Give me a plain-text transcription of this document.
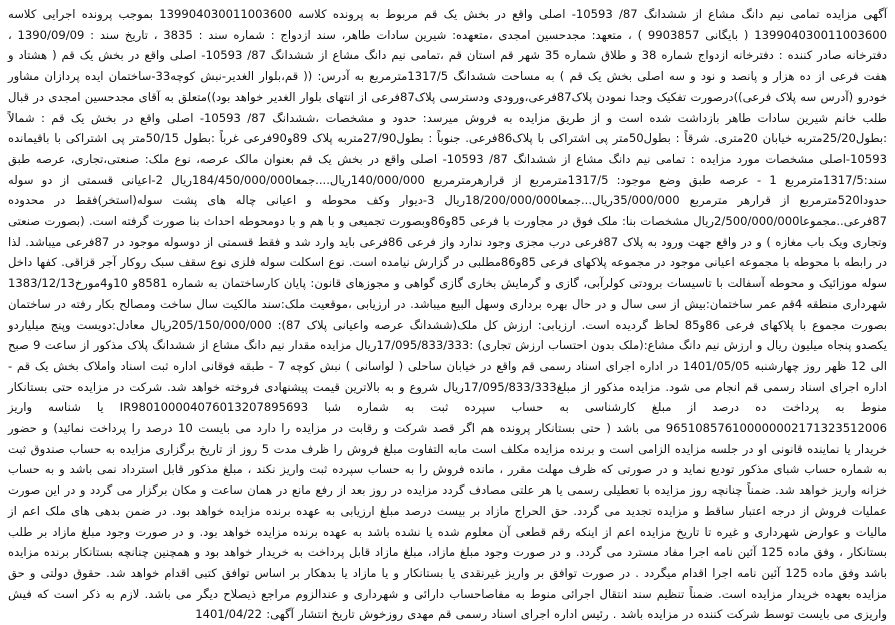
آگهی مزایده تمامی نیم دانگ مشاع از ششدانگ 87/ 10593- اصلی واقع در بخش یک قم مربوط به پرونده کلاسه 139904030011003600 بموجب پرونده اجرایی کلاسه 139904030011003600 ( بایگانی 9903857 ) ، متعهد: مجدحسین امجدی ،متعهده: شیرین سادات طاهر، سند ازدواج : شماره سند : 3835 ، تاریخ سند : 1390/09/09 ، دفترخانه صادر کننده : دفترخانه ازدواج شماره 38 و طلاق شماره 35 شهر قم استان قم ،تمامی نیم دانگ مشاع از ششدانگ 87/ 10593- اصلی واقع در بخش یک قم ( هشتاد و هفت فرعی از ده هزار و پانصد و نود و سه اصلی بخش یک قم ) به مساحت ششدانگ 1317/5مترمربع به آدرس: (( قم،بلوار الغدیر-نبش کوچه33-ساختمان ایده پردازان مشاور خودرو (آدرس سه پلاک فرعی))درصورت تفکیک وجدا نمودن پلاک87فرعی،ورودی ودسترسی پلاک87فرعی از انتهای بلوار الغدیر خواهد بود))متعلق به آقای مجدحسین امجدی در قبال طلب خانم شیرین سادات طاهر بازداشت شده است و از طریق مزایده به فروش میرسد: حدود و مشخصات ،ششدانگ 87/ 10593- اصلی واقع در بخش یک قم : شمالاً :بطول25/20متربه خیابان 20متری. شرقاً : بطول50متر پی اشتراکی با پلاک86فرعی. جنوباً : بطول27/90متربه پلاک 89و90فرعی غرباً :بطول 50/15متر پی اشتراکی با باقیمانده 10593-اصلی مشخصات مورد مزایده : تمامی نیم دانگ مشاع از ششدانگ 87/ 10593- اصلی واقع در بخش یک قم بعنوان مالک عرصه، نوع ملک: صنعتی،تجاری، عرصه طبق سند:1317/5مترمربع 1 - عرصه طبق وضع موجود: 1317/5مترمربع از قرارهرمترمربع 140/000/000ریال....جمعا184/450/000/000ریال 2-اعیانی قسمتی از دو سوله حدودا520مترمربع از قرارهر مترمربع 35/000/000ریال...جمعا18/200/000/000ریال 3-دیوار وکف محوطه و اعیانی چاله های پشت سوله(استخر)فقط در محدوده 87فرعی..مجموعا2/500/000/000ریال مشخصات بنا: ملک فوق در مجاورت با فرعی 85و86وبصورت تجمیعی و با هم و با دومحوطه احداث بنا صورت گرفته است. (بصورت صنعتی وتجاری ویک باب مغازه ) و در واقع جهت ورود به پلاک 87فرعی درب مجزی وجود ندارد واز فرعی 86فرعی باید وارد شد و فقط قسمتی از دوسوله موجود در 87فرعی میباشد. لذا در رابطه با محوطه با مجموعه اعیانی موجود در مجموعه پلاکهای فرعی 85و86مطلبی در گزارش نیامده است. نوع اسکلت سوله فلزی نوع سقف سبک روکار آجر قزاقی. کفها داخل سوله موزائیک و محوطه آسفالت با تاسیسات برودتی کولرآبی، گازی و گرمایش بخاری گازی گواهی و مجوزهای قانون: پایان کارساختمان به شماره 8581و 10و4مورخ1383/12/13 شهرداری منطقه 4قم عمر ساختمان:بیش از سی سال و در حال بهره برداری وسهل البیع میباشد. در ارزیابی ،موقعیت ملک:سند مالکیت سال ساخت ومصالح بکار رفته در ساختمان بصورت مجموع با پلاکهای فرعی 86و85 لحاظ گردیده است. ارزیابی: ارزش کل ملک(ششدانگ عرصه واعیانی پلاک 87): 205/150/000/000ریال معادل:دویست وپنج میلیاردو یکصدو پنجاه میلیون ریال و ارزش نیم دانگ مشاع:(ملک بدون احتساب ارزش تجاری) :17/095/833/333ریال مزایده مقدار نیم دانگ مشاع از ششدانگ پلاک مذکور از ساعت 9 صبح الی 12 ظهر روز چهارشنبه 1401/05/05 در اداره اجرای اسناد رسمی قم واقع در خیابان ساحلی ( لواسانی ) نبش کوچه 7 - طبقه فوقانی اداره ثبت اسناد واملاک بخش یک قم - اداره اجرای اسناد رسمی قم انجام می شود. مزایده مذکور از مبلغ17/095/833/333ریال شروع و به بالاترین قیمت پیشنهادی فروخته خواهد شد. شرکت در مزایده حتی بستانکار منوط به پرداخت ده درصد از مبلغ کارشناسی به حساب سپرده ثبت به شماره شبا IR980100004076013207895693 یا شناسه واریز 965108576100000002171323512006 می باشد ( حتی بستانکار پرونده هم اگر قصد شرکت و رقابت در مزایده را دارد می بایست 10 درصد را پرداخت نمائید) و حضور خریدار یا نماینده قانونی او در جلسه مزایده الزامی است و برنده مزایده مکلف است مابه التفاوت مبلغ فروش را ظرف مدت 5 روز از تاریخ برگزاری مزایده به حساب صندوق ثبت به شماره حساب شبای مذکور تودیع نماید و در صورتی که ظرف مهلت مقرر ، مانده فروش را به حساب سپرده ثبت واریز نکند ، مبلغ مذکور قابل استرداد نمی باشد و به حساب خزانه واریز خواهد شد. ضمناً چنانچه روز مزایده با تعطیلی رسمی یا هر علتی مصادف گردد مزایده در روز بعد از رفع مانع در همان ساعت و مکان برگزار می گردد و در این صورت عملیات فروش از درجه اعتبار ساقط و مزایده تجدید می گردد. حق الحراج مازاد بر بیست درصد مبلغ ارزیابی به عهده برنده مزایده خواهد بود. در ضمن بدهی های ملک اعم از مالیات و عوارض شهرداری و غیره تا تاریخ مزایده اعم از اینکه رقم قطعی آن معلوم شده یا نشده باشد به عهده برنده مزایده خواهد بود. و در صورت وجود مبلغ مازاد بر طلب بستانکار ، وفق ماده 125 آئین نامه اجرا مفاد مسترد می گردد. و در صورت وجود مبلغ مازاد، مبلغ مازاد قابل پرداخت به خریدار خواهد بود و همچنین چنانچه بستانکار برنده مزایده باشد وفق ماده 125 آئین نامه اجرا اقدام میگردد . در صورت توافق بر واریز غیرنقدی یا بستانکار و یا مازاد یا بدهکار بر اساس توافق کتبی اقدام خواهد شد. حقوق دولتی و حق مزایده بعهده خریدار مزایده است. ضمناً تنظیم سند انتقال اجرائی منوط به مفاصاحساب دارائی و شهرداری و عندالزوم مراجع ذیصلاح دیگر می باشد. لازم به ذکر است که فیش واریزی می بایست توسط شرکت کننده در مزایده باشد . رئیس اداره اجرای اسناد رسمی قم مهدی روزخوش تاریخ انتشار آگهی: 1401/04/22
